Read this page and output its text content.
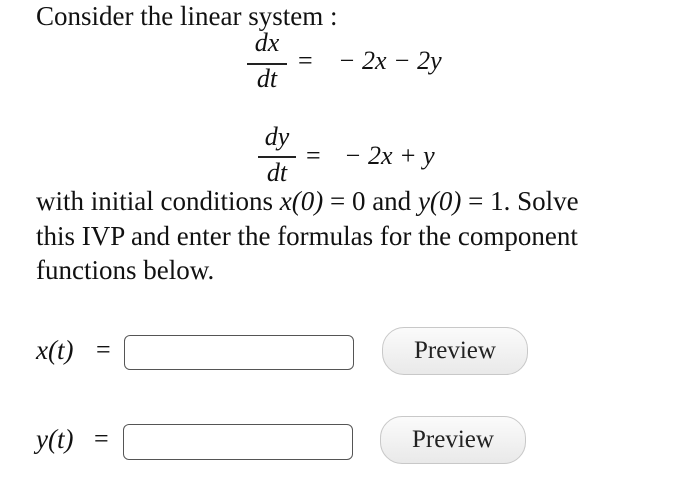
Consider the linear system :
dx
dt
= − 2x − 2y
dy
dt
= − 2x + y

with initial conditions x(0) = 0 and y(0) = 1. Solve

this IVP and enter the formulas for the component

functions below.

x(t) =	Preview
y(t) =	Preview
